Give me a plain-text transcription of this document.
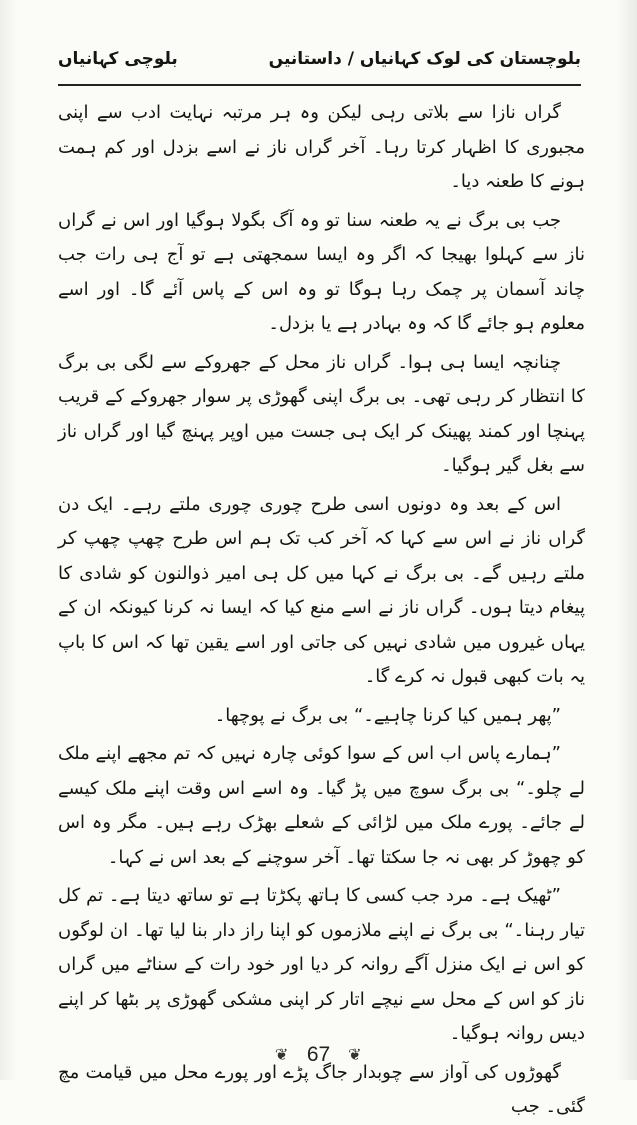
بلوچستان کی لوک کہانیاں / داستانیں
بلوچی کہانیاں

گراں نازا سے بلاتی رہی لیکن وہ ہر مرتبہ نہایت ادب سے اپنی مجبوری کا اظہار کرتا رہا۔ آخر گراں ناز نے اسے بزدل اور کم ہمت ہونے کا طعنہ دیا۔

جب بی برگ نے یہ طعنہ سنا تو وہ آگ بگولا ہوگیا اور اس نے گراں ناز سے کہلوا بھیجا کہ اگر وہ ایسا سمجھتی ہے تو آج ہی رات جب چاند آسمان پر چمک رہا ہوگا تو وہ اس کے پاس آئے گا۔ اور اسے معلوم ہو جائے گا کہ وہ بہادر ہے یا بزدل۔

چنانچہ ایسا ہی ہوا۔ گراں ناز محل کے جھروکے سے لگی بی برگ کا انتظار کر رہی تھی۔ بی برگ اپنی گھوڑی پر سوار جھروکے کے قریب پہنچا اور کمند پھینک کر ایک ہی جست میں اوپر پہنچ گیا اور گراں ناز سے بغل گیر ہوگیا۔

اس کے بعد وہ دونوں اسی طرح چوری چوری ملتے رہے۔ ایک دن گراں ناز نے اس سے کہا کہ آخر کب تک ہم اس طرح چھپ چھپ کر ملتے رہیں گے۔ بی برگ نے کہا میں کل ہی امیر ذوالنون کو شادی کا پیغام دیتا ہوں۔ گراں ناز نے اسے منع کیا کہ ایسا نہ کرنا کیونکہ ان کے یہاں غیروں میں شادی نہیں کی جاتی اور اسے یقین تھا کہ اس کا باپ یہ بات کبھی قبول نہ کرے گا۔

”پھر ہمیں کیا کرنا چاہیے۔“ بی برگ نے پوچھا۔

”ہمارے پاس اب اس کے سوا کوئی چارہ نہیں کہ تم مجھے اپنے ملک لے چلو۔“ بی برگ سوچ میں پڑ گیا۔ وہ اسے اس وقت اپنے ملک کیسے لے جائے۔ پورے ملک میں لڑائی کے شعلے بھڑک رہے ہیں۔ مگر وہ اس کو چھوڑ کر بھی نہ جا سکتا تھا۔ آخر سوچنے کے بعد اس نے کہا۔

”ٹھیک ہے۔ مرد جب کسی کا ہاتھ پکڑتا ہے تو ساتھ دیتا ہے۔ تم کل تیار رہنا۔“ بی برگ نے اپنے ملازموں کو اپنا راز دار بنا لیا تھا۔ ان لوگوں کو اس نے ایک منزل آگے روانہ کر دیا اور خود رات کے سناٹے میں گراں ناز کو اس کے محل سے نیچے اتار کر اپنی مشکی گھوڑی پر بٹھا کر اپنے دیس روانہ ہوگیا۔

گھوڑوں کی آواز سے چوبدار جاگ پڑے اور پورے محل میں قیامت مچ گئی۔ جب

❦ 67 ❦
